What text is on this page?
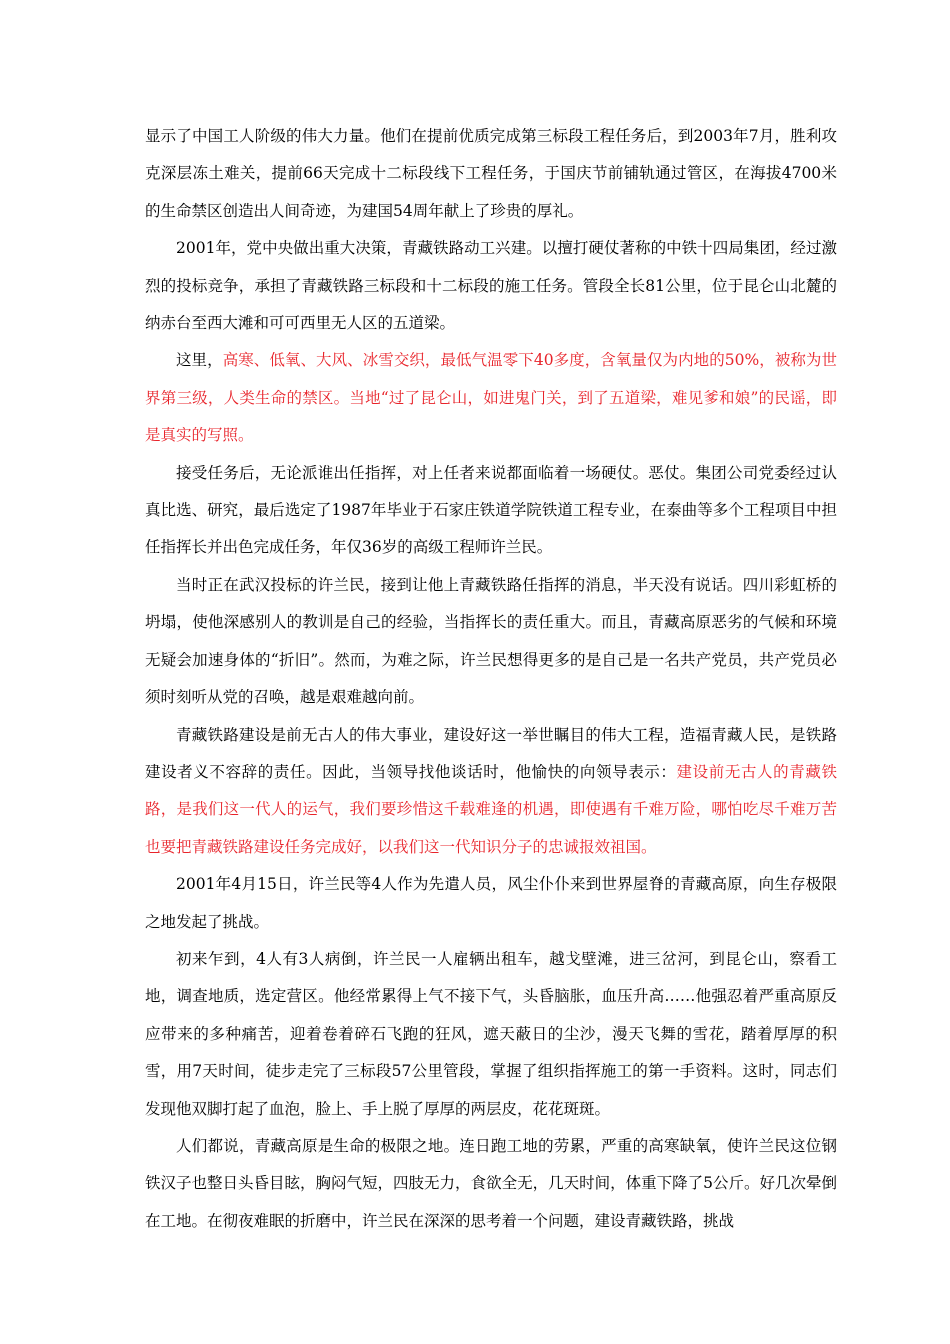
显示了中国工人阶级的伟大力量。他们在提前优质完成第三标段工程任务后，到2003年7月，胜利攻克深层冻土难关，提前66天完成十二标段线下工程任务，于国庆节前铺轨通过管区，在海拔4700米的生命禁区创造出人间奇迹，为建国54周年献上了珍贵的厚礼。

2001年，党中央做出重大决策，青藏铁路动工兴建。以擅打硬仗著称的中铁十四局集团，经过激烈的投标竞争，承担了青藏铁路三标段和十二标段的施工任务。管段全长81公里，位于昆仑山北麓的纳赤台至西大滩和可可西里无人区的五道梁。

这里，高寒、低氧、大风、冰雪交织，最低气温零下40多度，含氧量仅为内地的50%，被称为世界第三级，人类生命的禁区。当地“过了昆仑山，如进鬼门关，到了五道梁，难见爹和娘”的民谣，即是真实的写照。

接受任务后，无论派谁出任指挥，对上任者来说都面临着一场硬仗。恶仗。集团公司党委经过认真比选、研究，最后选定了1987年毕业于石家庄铁道学院铁道工程专业，在泰曲等多个工程项目中担任指挥长并出色完成任务，年仅36岁的高级工程师许兰民。

当时正在武汉投标的许兰民，接到让他上青藏铁路任指挥的消息，半天没有说话。四川彩虹桥的坍塌，使他深感别人的教训是自己的经验，当指挥长的责任重大。而且，青藏高原恶劣的气候和环境无疑会加速身体的“折旧”。然而，为难之际，许兰民想得更多的是自己是一名共产党员，共产党员必须时刻听从党的召唤，越是艰难越向前。

青藏铁路建设是前无古人的伟大事业，建设好这一举世瞩目的伟大工程，造福青藏人民，是铁路建设者义不容辞的责任。因此，当领导找他谈话时，他愉快的向领导表示：建设前无古人的青藏铁路，是我们这一代人的运气，我们要珍惜这千载难逢的机遇，即使遇有千难万险，哪怕吃尽千难万苦也要把青藏铁路建设任务完成好，以我们这一代知识分子的忠诚报效祖国。

2001年4月15日，许兰民等4人作为先遣人员，风尘仆仆来到世界屋脊的青藏高原，向生存极限之地发起了挑战。

初来乍到，4人有3人病倒，许兰民一人雇辆出租车，越戈壁滩，进三岔河，到昆仑山，察看工地，调查地质，选定营区。他经常累得上气不接下气，头昏脑胀，血压升高……他强忍着严重高原反应带来的多种痛苦，迎着卷着碎石飞跑的狂风，遮天蔽日的尘沙，漫天飞舞的雪花，踏着厚厚的积雪，用7天时间，徒步走完了三标段57公里管段，掌握了组织指挥施工的第一手资料。这时，同志们发现他双脚打起了血泡，脸上、手上脱了厚厚的两层皮，花花斑斑。

人们都说，青藏高原是生命的极限之地。连日跑工地的劳累，严重的高寒缺氧，使许兰民这位钢铁汉子也整日头昏目眩，胸闷气短，四肢无力，食欲全无，几天时间，体重下降了5公斤。好几次晕倒在工地。在彻夜难眠的折磨中，许兰民在深深的思考着一个问题，建设青藏铁路，挑战
